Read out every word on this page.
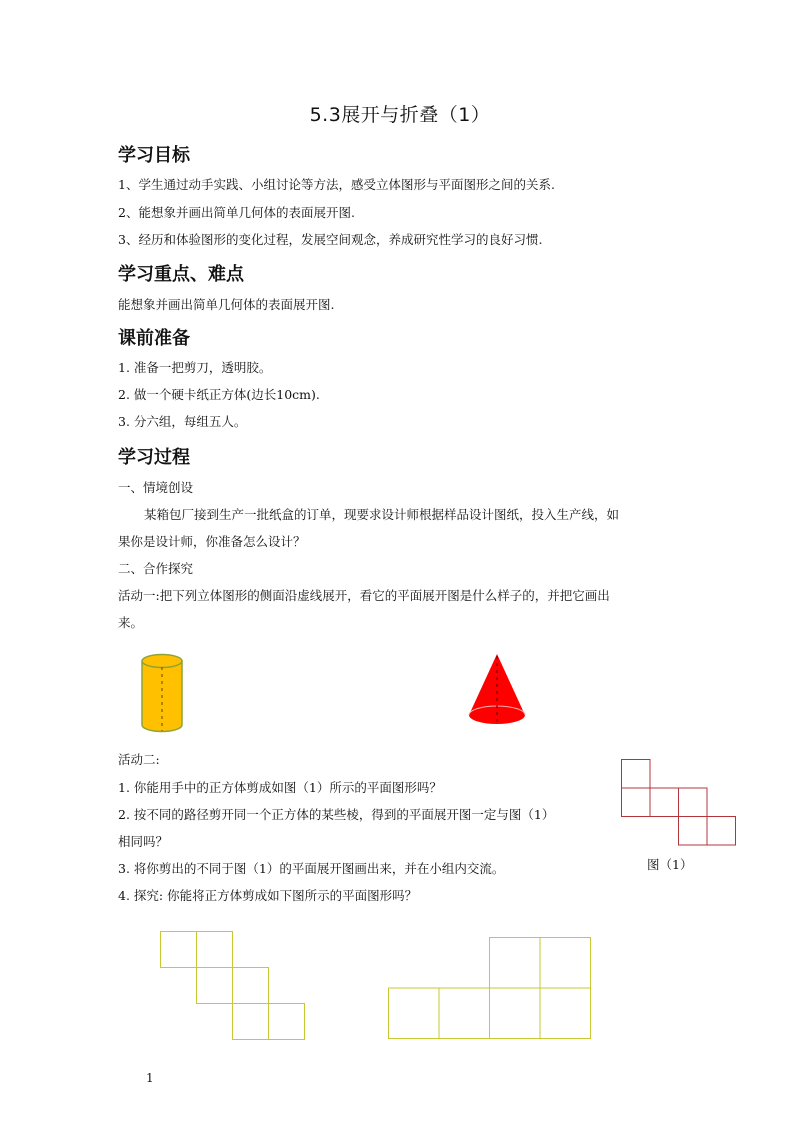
5.3展开与折叠（1）
学习目标
1、学生通过动手实践、小组讨论等方法，感受立体图形与平面图形之间的关系.
2、能想象并画出简单几何体的表面展开图.
3、经历和体验图形的变化过程，发展空间观念，养成研究性学习的良好习惯.
学习重点、难点
能想象并画出简单几何体的表面展开图.
课前准备
1. 准备一把剪刀，透明胶。
2. 做一个硬卡纸正方体(边长10cm).
3. 分六组，每组五人。
学习过程
一、情境创设
某箱包厂接到生产一批纸盒的订单，现要求设计师根据样品设计图纸，投入生产线，如
果你是设计师，你准备怎么设计？
二、合作探究
活动一:把下列立体图形的侧面沿虚线展开，看它的平面展开图是什么样子的，并把它画出
来。
活动二:
1. 你能用手中的正方体剪成如图（1）所示的平面图形吗？
2. 按不同的路径剪开同一个正方体的某些棱，得到的平面展开图一定与图（1）
相同吗？
3. 将你剪出的不同于图（1）的平面展开图画出来，并在小组内交流。
4. 探究: 你能将正方体剪成如下图所示的平面图形吗？
图（1）
1
